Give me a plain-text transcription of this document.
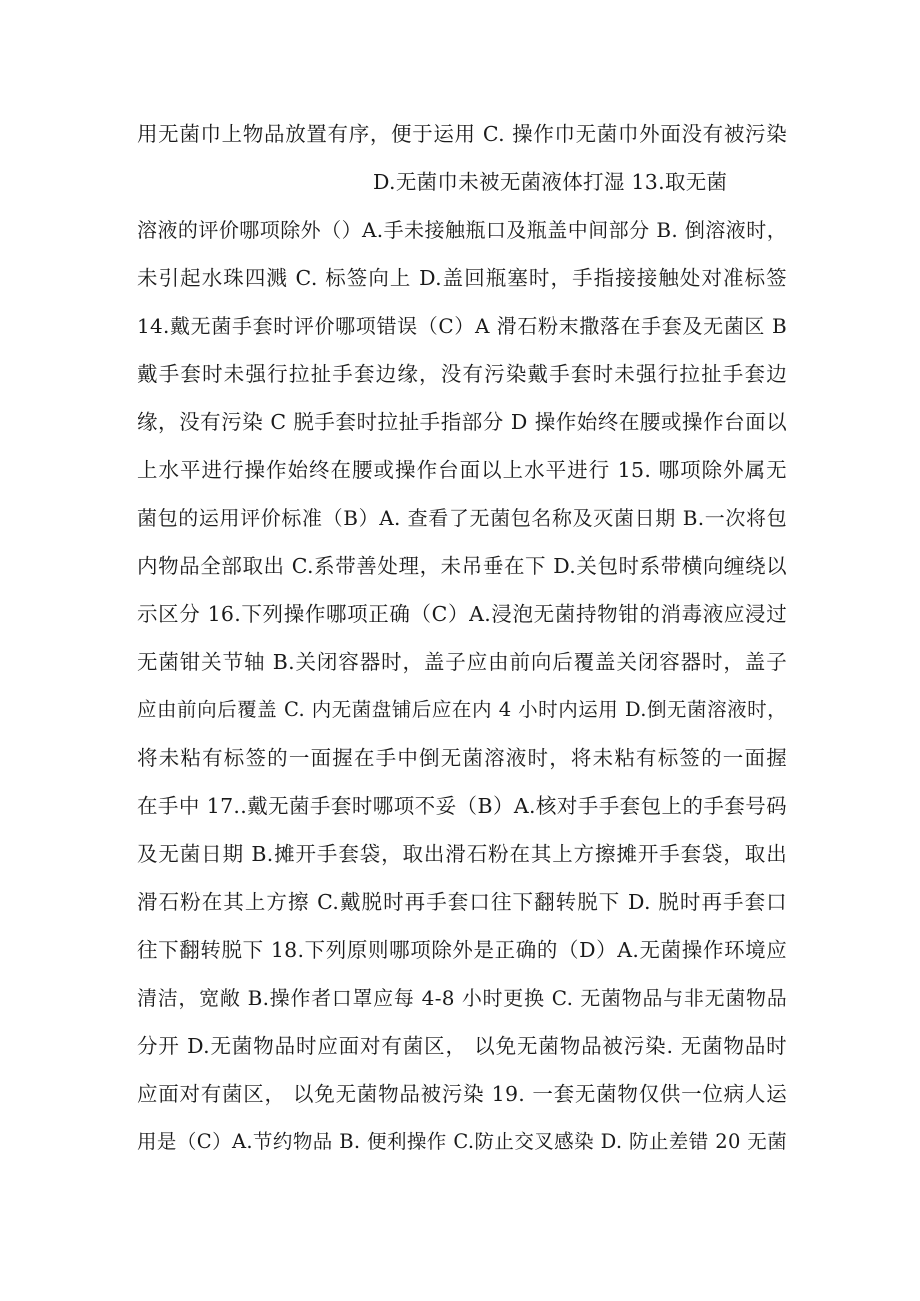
用无菌巾上物品放置有序，便于运用 C. 操作巾无菌巾外面没有被污染
D.无菌巾未被无菌液体打湿 13.取无菌
溶液的评价哪项除外（）A.手未接触瓶口及瓶盖中间部分 B. 倒溶液时，
未引起水珠四溅 C. 标签向上 D.盖回瓶塞时，手指接接触处对准标签
14.戴无菌手套时评价哪项错误（C）A 滑石粉末撒落在手套及无菌区 B
戴手套时未强行拉扯手套边缘，没有污染戴手套时未强行拉扯手套边
缘，没有污染 C 脱手套时拉扯手指部分 D 操作始终在腰或操作台面以
上水平进行操作始终在腰或操作台面以上水平进行 15. 哪项除外属无
菌包的运用评价标准（B）A. 查看了无菌包名称及灭菌日期 B.一次将包
内物品全部取出 C.系带善处理，未吊垂在下 D.关包时系带横向缠绕以
示区分 16.下列操作哪项正确（C）A.浸泡无菌持物钳的消毒液应浸过
无菌钳关节轴 B.关闭容器时，盖子应由前向后覆盖关闭容器时，盖子
应由前向后覆盖 C. 内无菌盘铺后应在内 4 小时内运用 D.倒无菌溶液时，
将未粘有标签的一面握在手中倒无菌溶液时，将未粘有标签的一面握
在手中 17..戴无菌手套时哪项不妥（B）A.核对手手套包上的手套号码
及无菌日期 B.摊开手套袋，取出滑石粉在其上方擦摊开手套袋，取出
滑石粉在其上方擦 C.戴脱时再手套口往下翻转脱下 D. 脱时再手套口
往下翻转脱下 18.下列原则哪项除外是正确的（D）A.无菌操作环境应
清洁，宽敞 B.操作者口罩应每 4-8 小时更换 C. 无菌物品与非无菌物品
分开 D.无菌物品时应面对有菌区， 以免无菌物品被污染. 无菌物品时
应面对有菌区， 以免无菌物品被污染 19. 一套无菌物仅供一位病人运
用是（C）A.节约物品 B. 便利操作 C.防止交叉感染 D. 防止差错 20 无菌
